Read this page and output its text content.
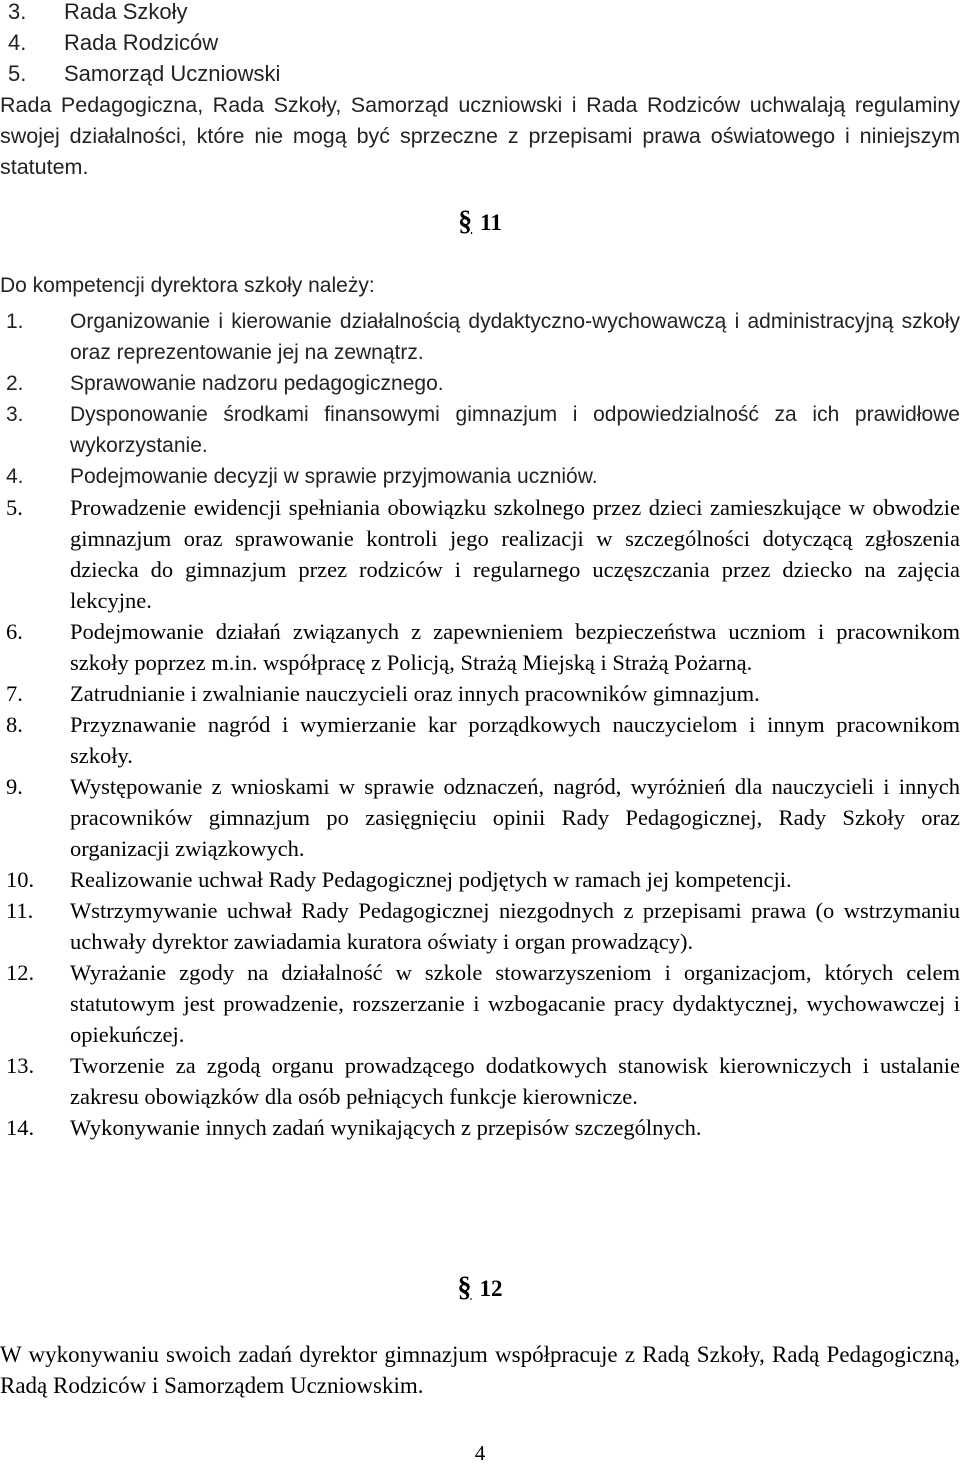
3. Rada Szkoły
4. Rada Rodziców
5. Samorząd Uczniowski

Rada Pedagogiczna, Rada Szkoły, Samorząd uczniowski i Rada Rodziców uchwalają regulaminy swojej działalności, które nie mogą być sprzeczne z przepisami prawa oświatowego i niniejszym statutem.

§ 11

Do kompetencji dyrektora szkoły należy:

1. Organizowanie i kierowanie działalnością dydaktyczno-wychowawczą i administracyjną szkoły oraz reprezentowanie jej na zewnątrz.
2. Sprawowanie nadzoru pedagogicznego.
3. Dysponowanie środkami finansowymi gimnazjum i odpowiedzialność za ich prawidłowe wykorzystanie.
4. Podejmowanie decyzji w sprawie przyjmowania uczniów.
5. Prowadzenie ewidencji spełniania obowiązku szkolnego przez dzieci zamieszkujące w obwodzie gimnazjum oraz sprawowanie kontroli jego realizacji w szczególności dotyczącą zgłoszenia dziecka do gimnazjum przez rodziców i regularnego uczęszczania przez dziecko na zajęcia lekcyjne.
6. Podejmowanie działań związanych z zapewnieniem bezpieczeństwa uczniom i pracownikom szkoły poprzez m.in. współpracę z Policją, Strażą Miejską i Strażą Pożarną.
7. Zatrudnianie i zwalnianie nauczycieli oraz innych pracowników gimnazjum.
8. Przyznawanie nagród i wymierzanie kar porządkowych nauczycielom i innym pracownikom szkoły.
9. Występowanie z wnioskami w sprawie odznaczeń, nagród, wyróżnień dla nauczycieli i innych pracowników gimnazjum po zasięgnięciu opinii Rady Pedagogicznej, Rady Szkoły oraz organizacji związkowych.
10. Realizowanie uchwał Rady Pedagogicznej podjętych w ramach jej kompetencji.
11. Wstrzymywanie uchwał Rady Pedagogicznej niezgodnych z przepisami prawa (o wstrzymaniu uchwały dyrektor zawiadamia kuratora oświaty i organ prowadzący).
12. Wyrażanie zgody na działalność w szkole stowarzyszeniom i organizacjom, których celem statutowym jest prowadzenie, rozszerzanie i wzbogacanie pracy dydaktycznej, wychowawczej i opiekuńczej.
13. Tworzenie za zgodą organu prowadzącego dodatkowych stanowisk kierowniczych i ustalanie zakresu obowiązków dla osób pełniących funkcje kierownicze.
14. Wykonywanie innych zadań wynikających z przepisów szczególnych.
§ 12

W wykonywaniu swoich zadań dyrektor gimnazjum współpracuje z Radą Szkoły, Radą Pedagogiczną, Radą Rodziców i Samorządem Uczniowskim.

4
